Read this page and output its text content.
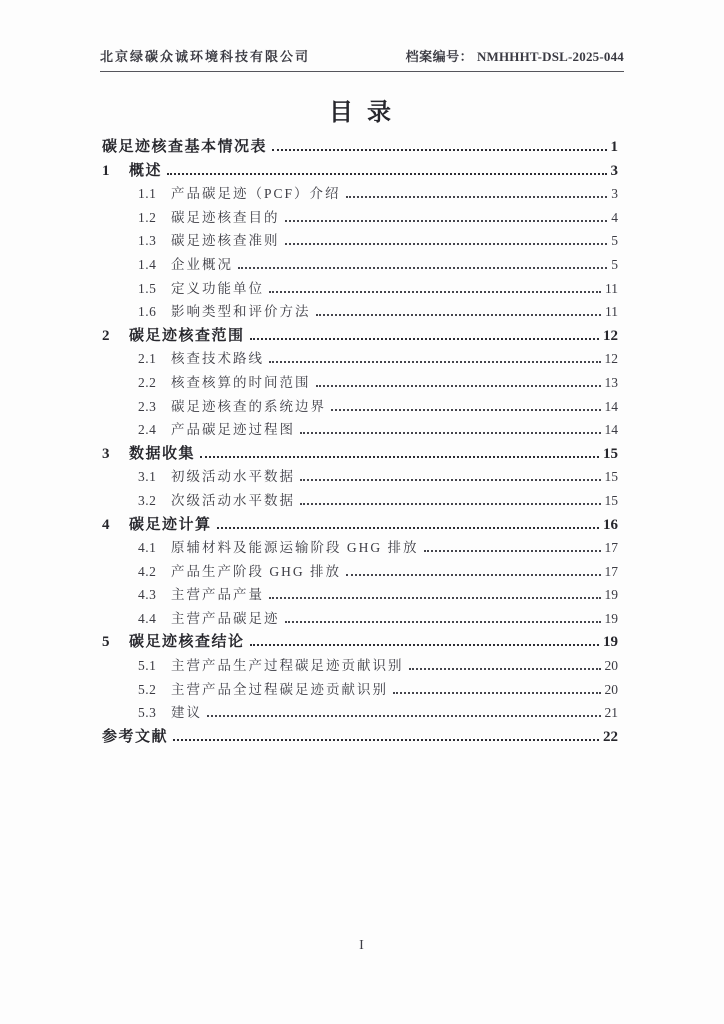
北京绿碳众诚环境科技有限公司	档案编号： NMHHHT-DSL-2025-044
目 录
碳足迹核查基本情况表	1
1	概述	3
1.1	产品碳足迹（PCF）介绍	3
1.2	碳足迹核查目的	4
1.3	碳足迹核查准则	5
1.4	企业概况	5
1.5	定义功能单位	11
1.6	影响类型和评价方法	11
2	碳足迹核查范围	12
2.1	核查技术路线	12
2.2	核查核算的时间范围	13
2.3	碳足迹核查的系统边界	14
2.4	产品碳足迹过程图	14
3	数据收集	15
3.1	初级活动水平数据	15
3.2	次级活动水平数据	15
4	碳足迹计算	16
4.1	原辅材料及能源运输阶段 GHG 排放	17
4.2	产品生产阶段 GHG 排放	17
4.3	主营产品产量	19
4.4	主营产品碳足迹	19
5	碳足迹核查结论	19
5.1	主营产品生产过程碳足迹贡献识别	20
5.2	主营产品全过程碳足迹贡献识别	20
5.3	建议	21
参考文献	22
I
